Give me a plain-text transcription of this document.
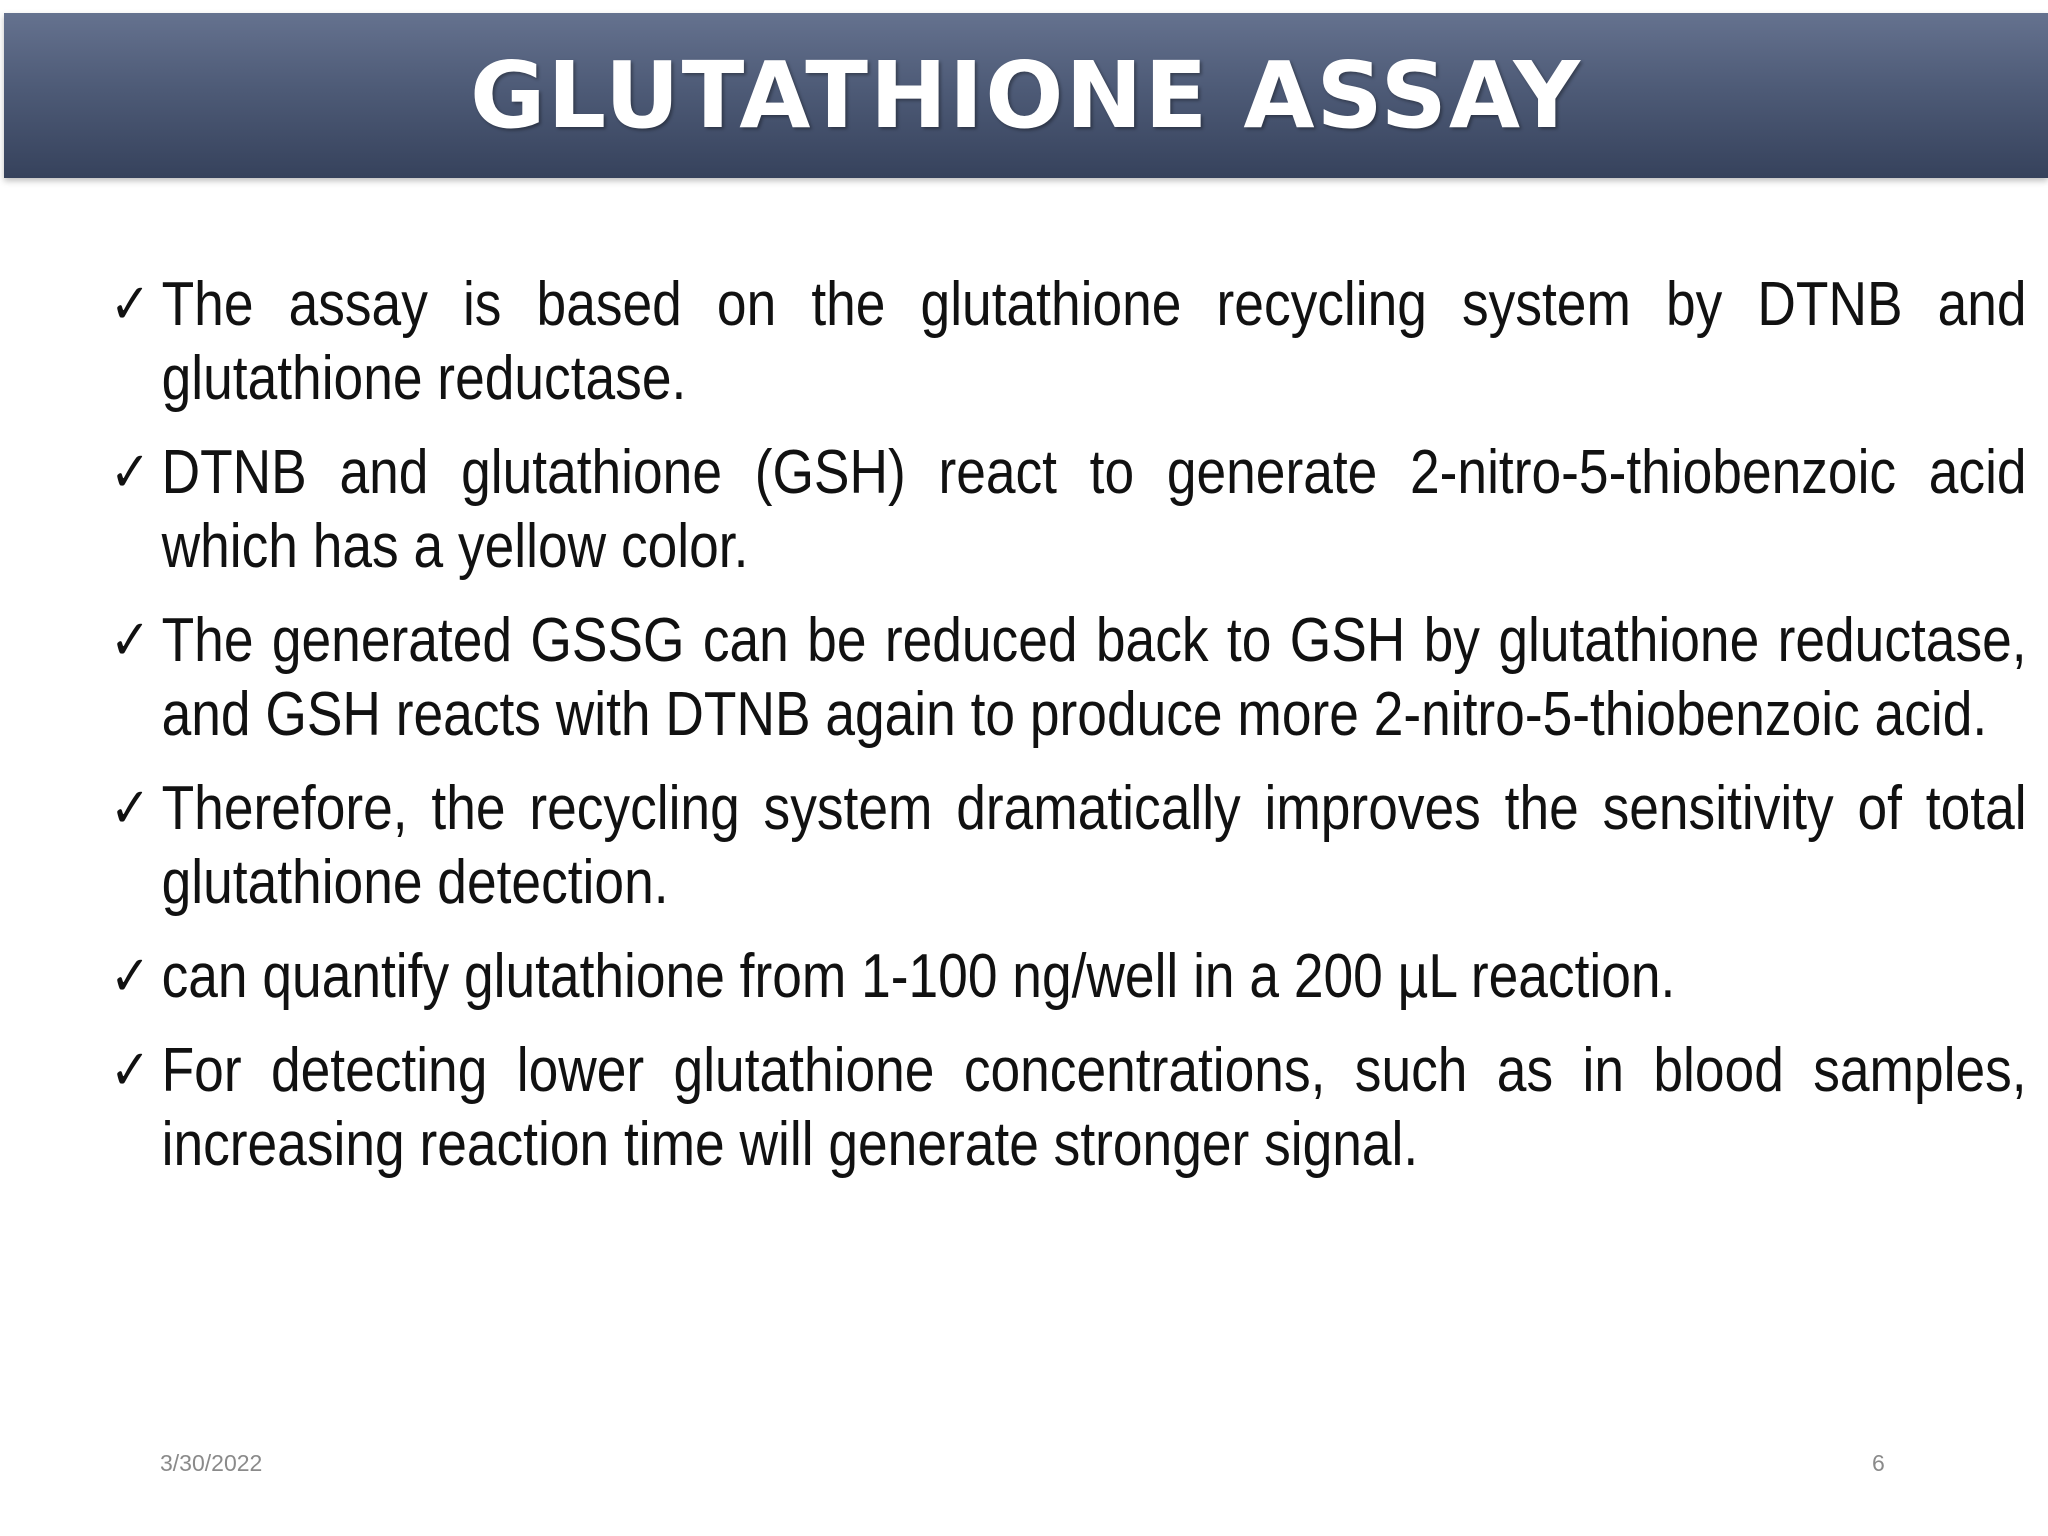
GLUTATHIONE ASSAY
✓ The assay is based on the glutathione recycling system by DTNB and glutathione reductase.
✓ DTNB and glutathione (GSH) react to generate 2-nitro-5-thiobenzoic acid which has a yellow color.
✓ The generated GSSG can be reduced back to GSH by glutathione reductase, and GSH reacts with DTNB again to produce more 2-nitro-5-thiobenzoic acid.
✓ Therefore, the recycling system dramatically improves the sensitivity of total glutathione detection.
✓ can quantify glutathione from 1-100 ng/well in a 200 µL reaction.
✓ For detecting lower glutathione concentrations, such as in blood samples, increasing reaction time will generate stronger signal.
3/30/2022	6
